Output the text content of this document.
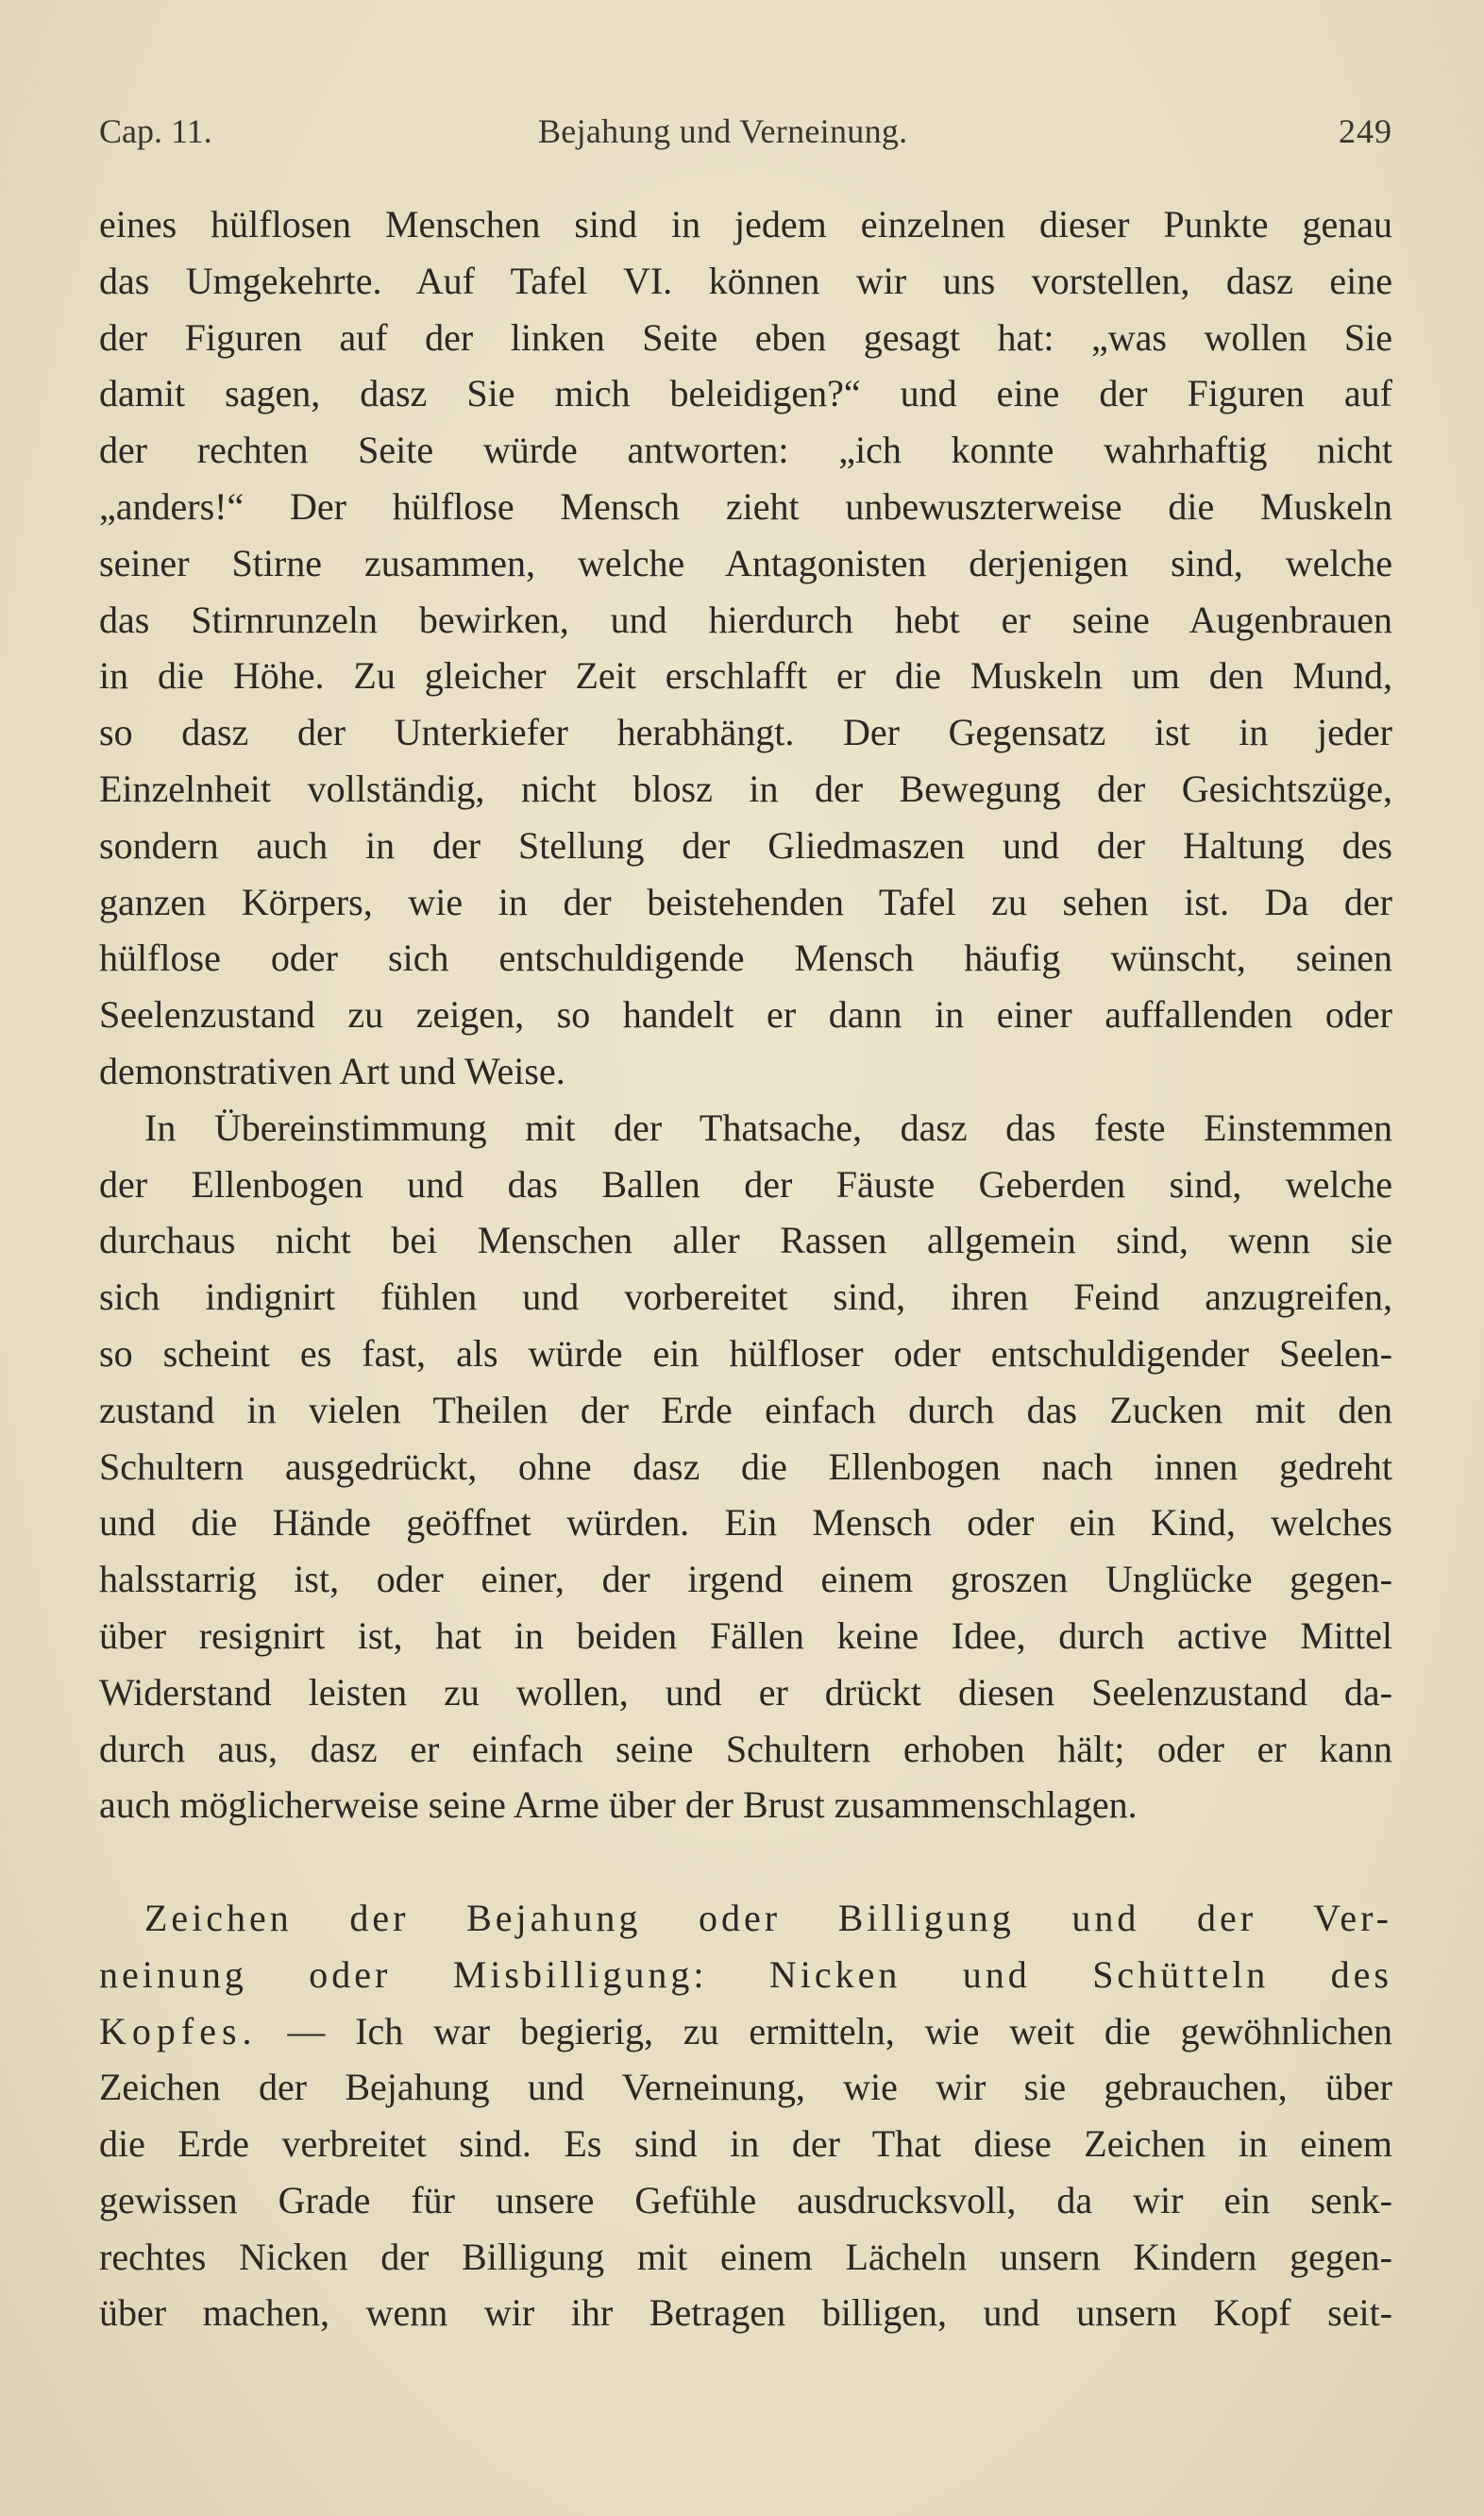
Cap. 11.	Bejahung und Verneinung.	249
eines hülflosen Menschen sind in jedem einzelnen dieser Punkte genau
das Umgekehrte. Auf Tafel VI. können wir uns vorstellen, dasz eine
der Figuren auf der linken Seite eben gesagt hat: „was wollen Sie
damit sagen, dasz Sie mich beleidigen?“ und eine der Figuren auf
der rechten Seite würde antworten: „ich konnte wahrhaftig nicht
„anders!“ Der hülflose Mensch zieht unbewuszterweise die Muskeln
seiner Stirne zusammen, welche Antagonisten derjenigen sind, welche
das Stirnrunzeln bewirken, und hierdurch hebt er seine Augenbrauen
in die Höhe. Zu gleicher Zeit erschlafft er die Muskeln um den Mund,
so dasz der Unterkiefer herabhängt. Der Gegensatz ist in jeder
Einzelnheit vollständig, nicht blosz in der Bewegung der Gesichtszüge,
sondern auch in der Stellung der Gliedmaszen und der Haltung des
ganzen Körpers, wie in der beistehenden Tafel zu sehen ist. Da der
hülflose oder sich entschuldigende Mensch häufig wünscht, seinen
Seelenzustand zu zeigen, so handelt er dann in einer auffallenden oder
demonstrativen Art und Weise.
In Übereinstimmung mit der Thatsache, dasz das feste Einstemmen
der Ellenbogen und das Ballen der Fäuste Geberden sind, welche
durchaus nicht bei Menschen aller Rassen allgemein sind, wenn sie
sich indignirt fühlen und vorbereitet sind, ihren Feind anzugreifen,
so scheint es fast, als würde ein hülfloser oder entschuldigender Seelen-
zustand in vielen Theilen der Erde einfach durch das Zucken mit den
Schultern ausgedrückt, ohne dasz die Ellenbogen nach innen gedreht
und die Hände geöffnet würden. Ein Mensch oder ein Kind, welches
halsstarrig ist, oder einer, der irgend einem groszen Unglücke gegen-
über resignirt ist, hat in beiden Fällen keine Idee, durch active Mittel
Widerstand leisten zu wollen, und er drückt diesen Seelenzustand da-
durch aus, dasz er einfach seine Schultern erhoben hält; oder er kann
auch möglicherweise seine Arme über der Brust zusammenschlagen.
Zeichen der Bejahung oder Billigung und der Ver-
neinung oder Misbilligung: Nicken und Schütteln des
Kopfes. — Ich war begierig, zu ermitteln, wie weit die gewöhnlichen
Zeichen der Bejahung und Verneinung, wie wir sie gebrauchen, über
die Erde verbreitet sind. Es sind in der That diese Zeichen in einem
gewissen Grade für unsere Gefühle ausdrucksvoll, da wir ein senk-
rechtes Nicken der Billigung mit einem Lächeln unsern Kindern gegen-
über machen, wenn wir ihr Betragen billigen, und unsern Kopf seit-
